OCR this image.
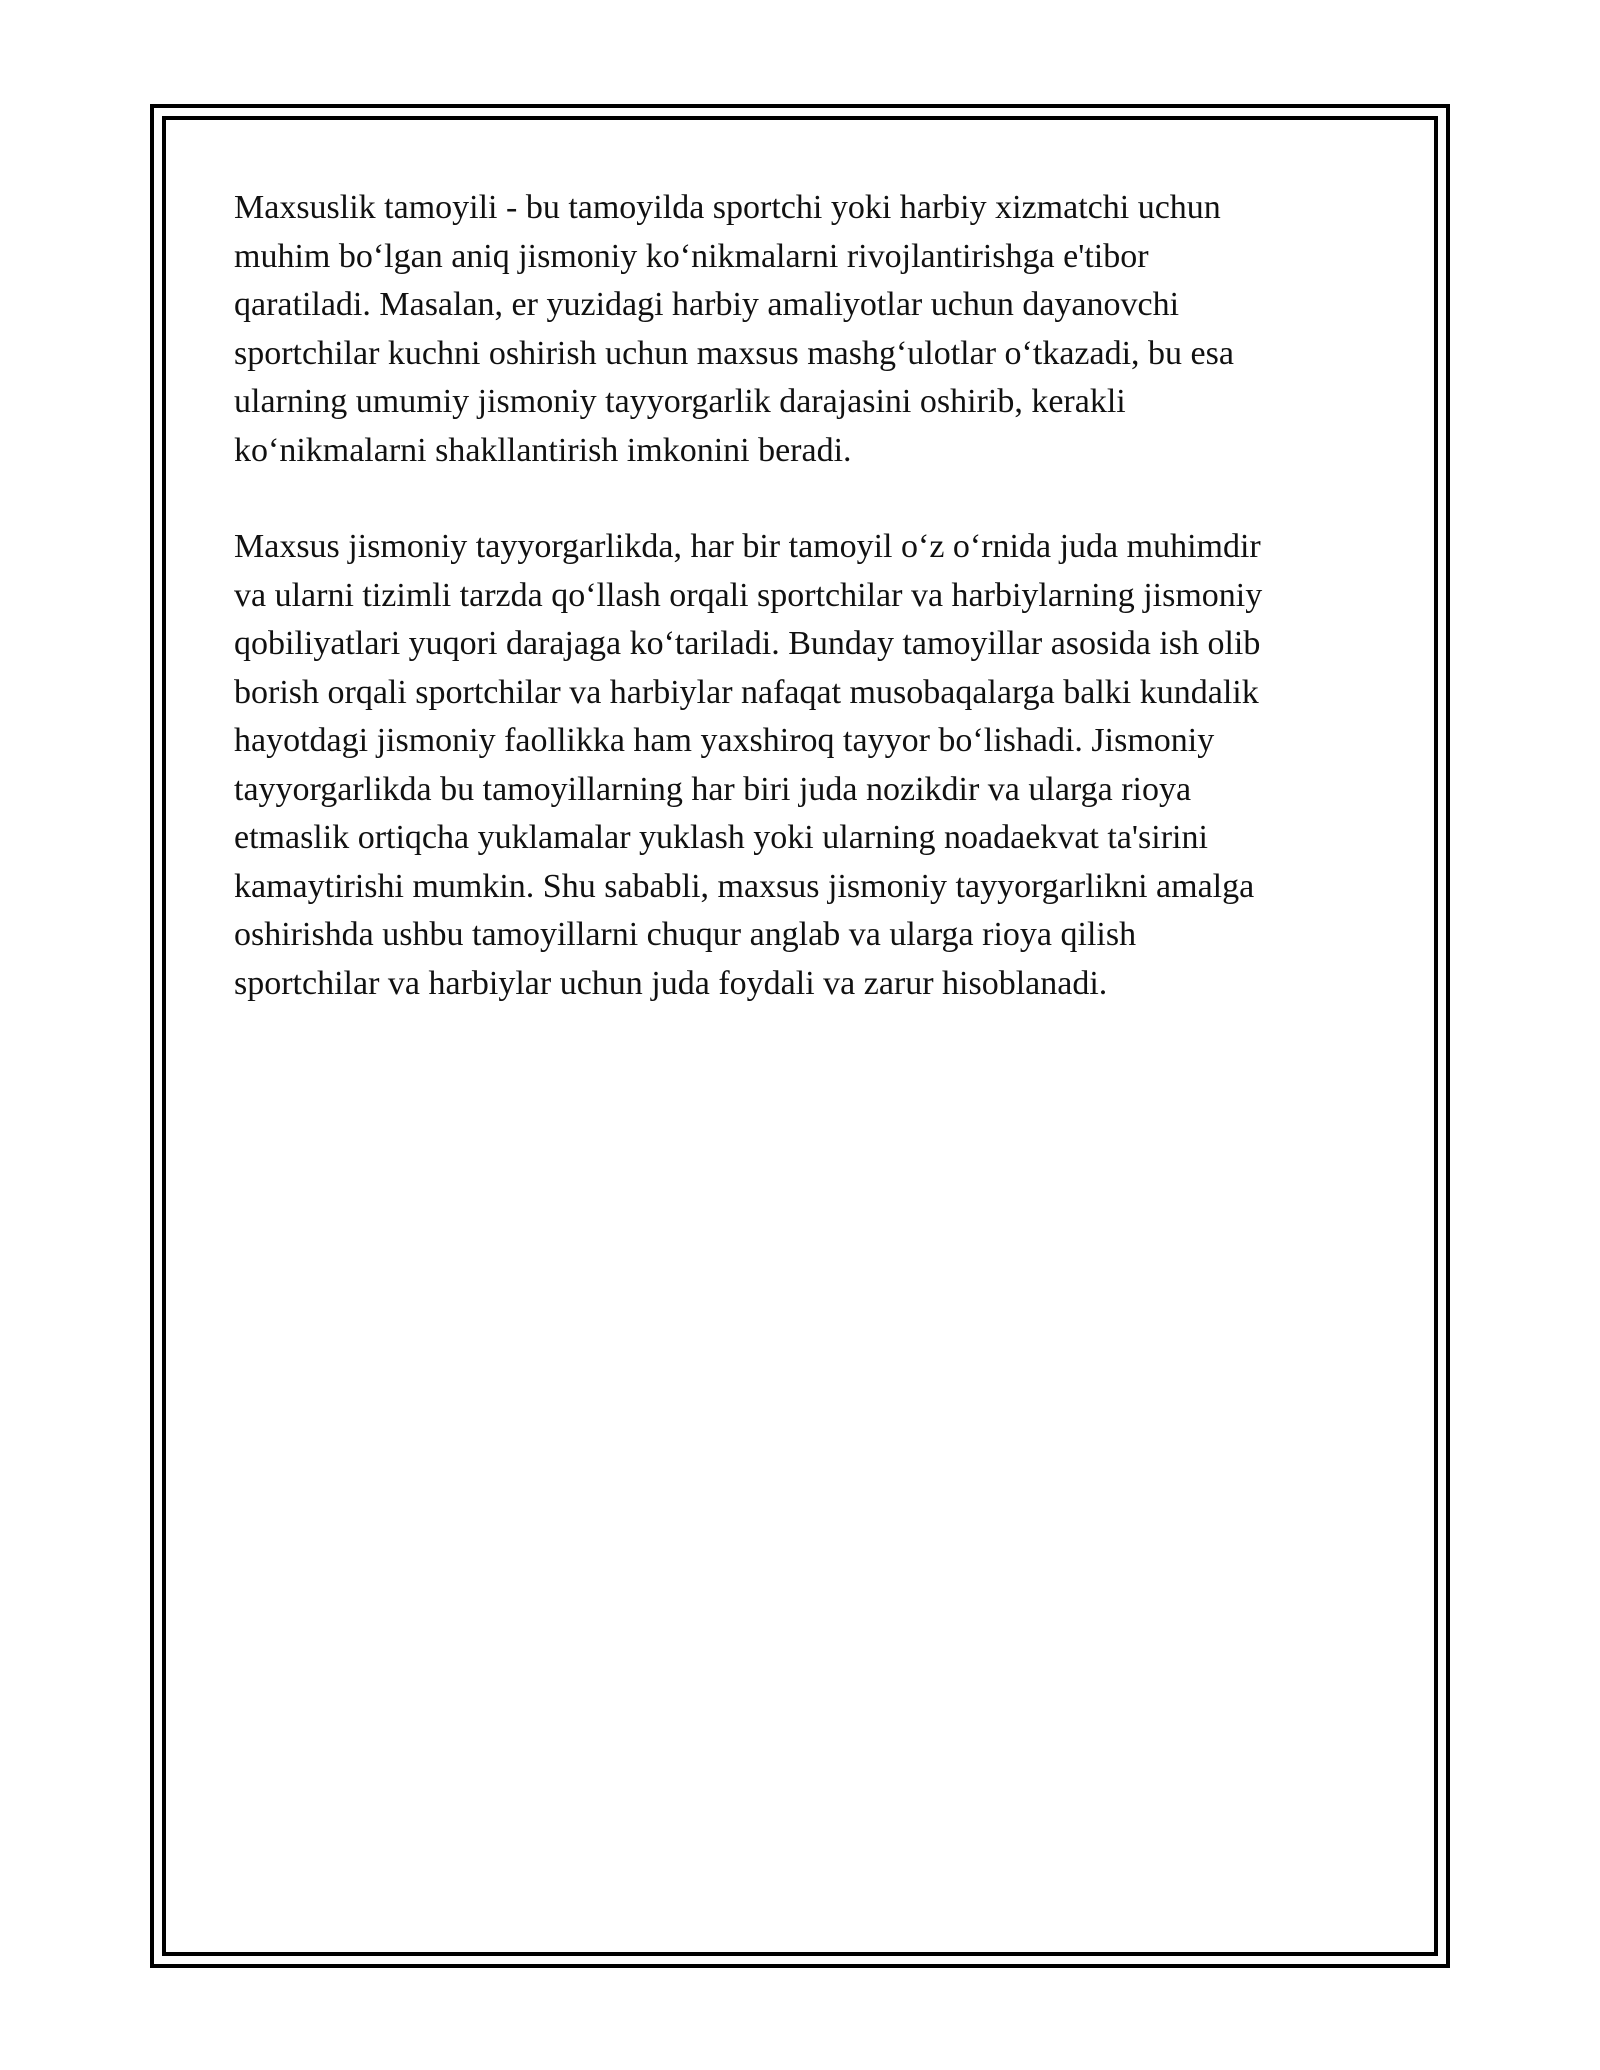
Maxsuslik tamoyili - bu tamoyilda sportchi yoki harbiy xizmatchi uchun
muhim bo‘lgan aniq jismoniy ko‘nikmalarni rivojlantirishga e'tibor
qaratiladi. Masalan, er yuzidagi harbiy amaliyotlar uchun dayanovchi
sportchilar kuchni oshirish uchun maxsus mashg‘ulotlar o‘tkazadi, bu esa
ularning umumiy jismoniy tayyorgarlik darajasini oshirib, kerakli
ko‘nikmalarni shakllantirish imkonini beradi.

Maxsus jismoniy tayyorgarlikda, har bir tamoyil o‘z o‘rnida juda muhimdir
va ularni tizimli tarzda qo‘llash orqali sportchilar va harbiylarning jismoniy
qobiliyatlari yuqori darajaga ko‘tariladi. Bunday tamoyillar asosida ish olib
borish orqali sportchilar va harbiylar nafaqat musobaqalarga balki kundalik
hayotdagi jismoniy faollikka ham yaxshiroq tayyor bo‘lishadi. Jismoniy
tayyorgarlikda bu tamoyillarning har biri juda nozikdir va ularga rioya
etmaslik ortiqcha yuklamalar yuklash yoki ularning noadaekvat ta'sirini
kamaytirishi mumkin. Shu sababli, maxsus jismoniy tayyorgarlikni amalga
oshirishda ushbu tamoyillarni chuqur anglab va ularga rioya qilish
sportchilar va harbiylar uchun juda foydali va zarur hisoblanadi.
